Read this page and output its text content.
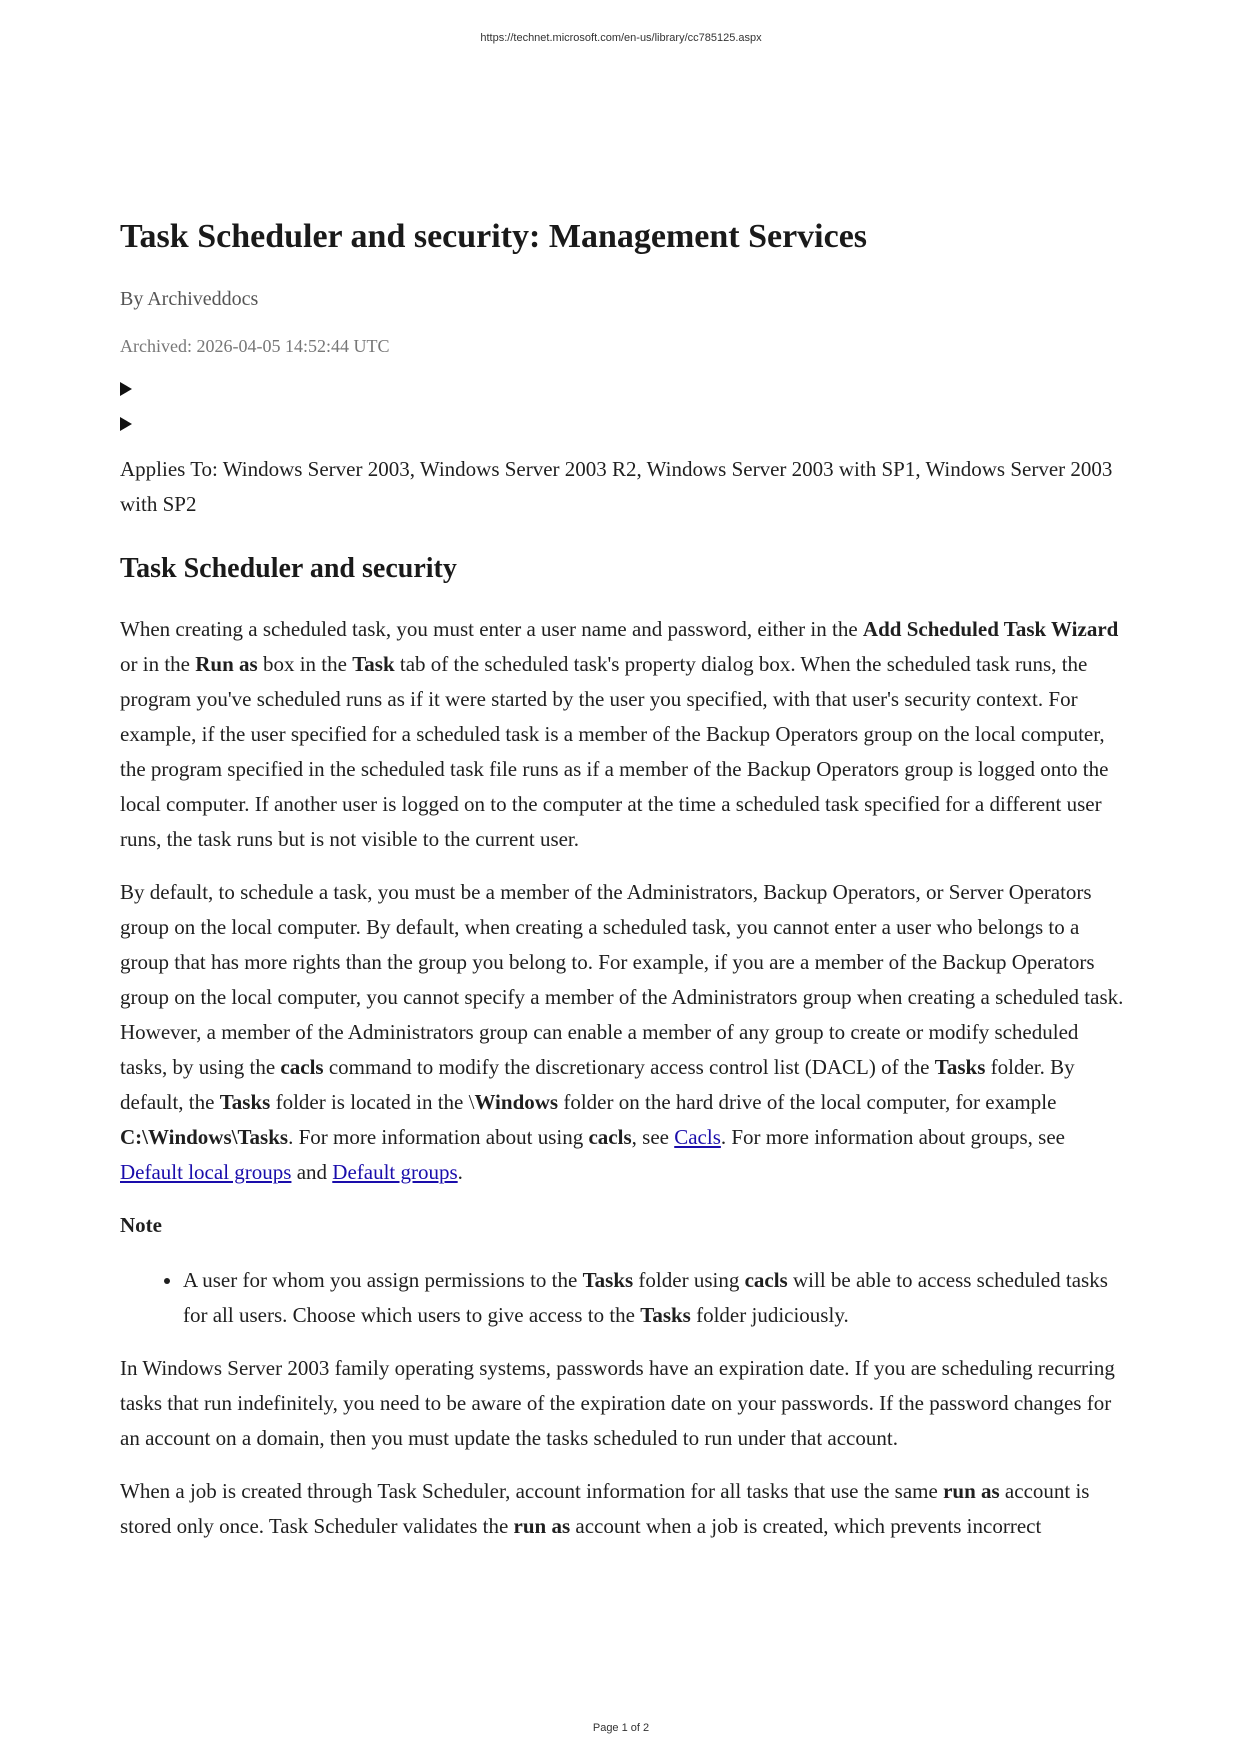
https://technet.microsoft.com/en-us/library/cc785125.aspx
Task Scheduler and security: Management Services
By Archiveddocs
Archived: 2026-04-05 14:52:44 UTC

Applies To: Windows Server 2003, Windows Server 2003 R2, Windows Server 2003 with SP1, Windows Server 2003 with SP2

Task Scheduler and security

When creating a scheduled task, you must enter a user name and password, either in the Add Scheduled Task Wizard or in the Run as box in the Task tab of the scheduled task's property dialog box. When the scheduled task runs, the program you've scheduled runs as if it were started by the user you specified, with that user's security context. For example, if the user specified for a scheduled task is a member of the Backup Operators group on the local computer, the program specified in the scheduled task file runs as if a member of the Backup Operators group is logged onto the local computer. If another user is logged on to the computer at the time a scheduled task specified for a different user runs, the task runs but is not visible to the current user.

By default, to schedule a task, you must be a member of the Administrators, Backup Operators, or Server Operators group on the local computer. By default, when creating a scheduled task, you cannot enter a user who belongs to a group that has more rights than the group you belong to. For example, if you are a member of the Backup Operators group on the local computer, you cannot specify a member of the Administrators group when creating a scheduled task. However, a member of the Administrators group can enable a member of any group to create or modify scheduled tasks, by using the cacls command to modify the discretionary access control list (DACL) of the Tasks folder. By default, the Tasks folder is located in the \Windows folder on the hard drive of the local computer, for example C:\Windows\Tasks. For more information about using cacls, see Cacls. For more information about groups, see Default local groups and Default groups.

Note

• A user for whom you assign permissions to the Tasks folder using cacls will be able to access scheduled tasks for all users. Choose which users to give access to the Tasks folder judiciously.

In Windows Server 2003 family operating systems, passwords have an expiration date. If you are scheduling recurring tasks that run indefinitely, you need to be aware of the expiration date on your passwords. If the password changes for an account on a domain, then you must update the tasks scheduled to run under that account.

When a job is created through Task Scheduler, account information for all tasks that use the same run as account is stored only once. Task Scheduler validates the run as account when a job is created, which prevents incorrect

Page 1 of 2
